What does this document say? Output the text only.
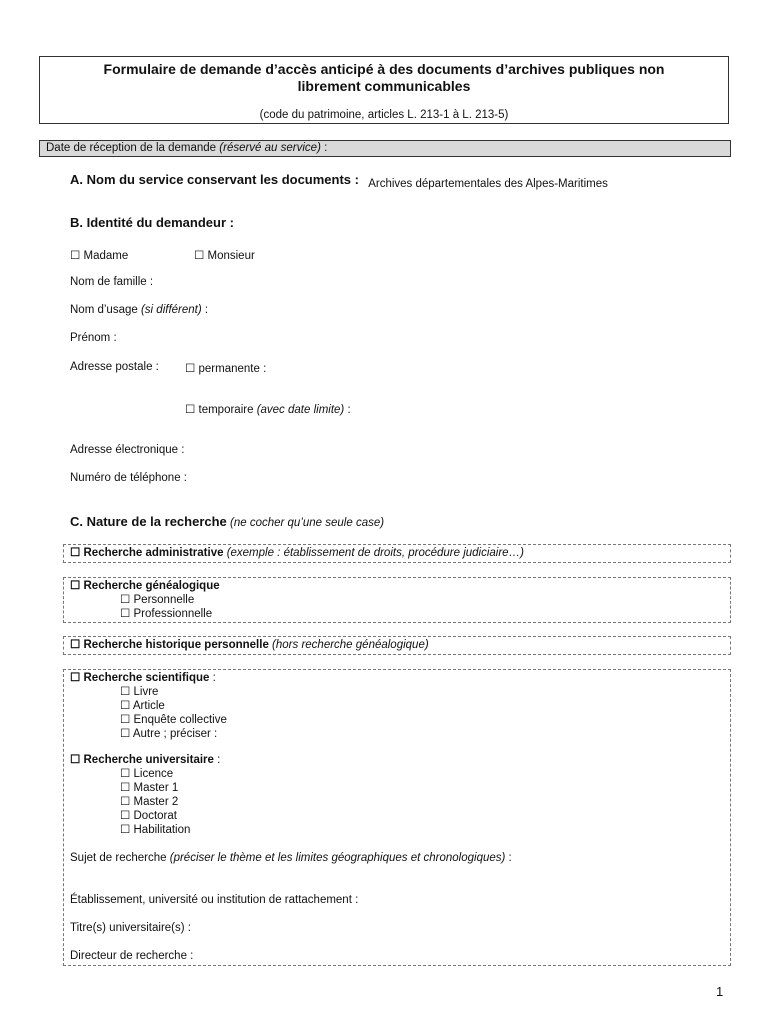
Formulaire de demande d’accès anticipé à des documents d’archives publiques non
librement communicables
(code du patrimoine, articles L. 213-1 à L. 213-5)
Date de réception de la demande (réservé au service) :
A. Nom du service conservant les documents : Archives départementales des Alpes-Maritimes
B. Identité du demandeur :
☐ Madame	☐ Monsieur
Nom de famille :
Nom d’usage (si différent) :
Prénom :
Adresse postale : ☐ permanente :
☐ temporaire (avec date limite) :
Adresse électronique :
Numéro de téléphone :
C. Nature de la recherche (ne cocher qu’une seule case)
☐ Recherche administrative (exemple : établissement de droits, procédure judiciaire…)
☐ Recherche généalogique
☐ Personnelle
☐ Professionnelle
☐ Recherche historique personnelle (hors recherche généalogique)
☐ Recherche scientifique :
☐ Livre
☐ Article
☐ Enquête collective
☐ Autre ; préciser :
☐ Recherche universitaire :
☐ Licence
☐ Master 1
☐ Master 2
☐ Doctorat
☐ Habilitation
Sujet de recherche (préciser le thème et les limites géographiques et chronologiques) :
Établissement, université ou institution de rattachement :
Titre(s) universitaire(s) :
Directeur de recherche :
1
